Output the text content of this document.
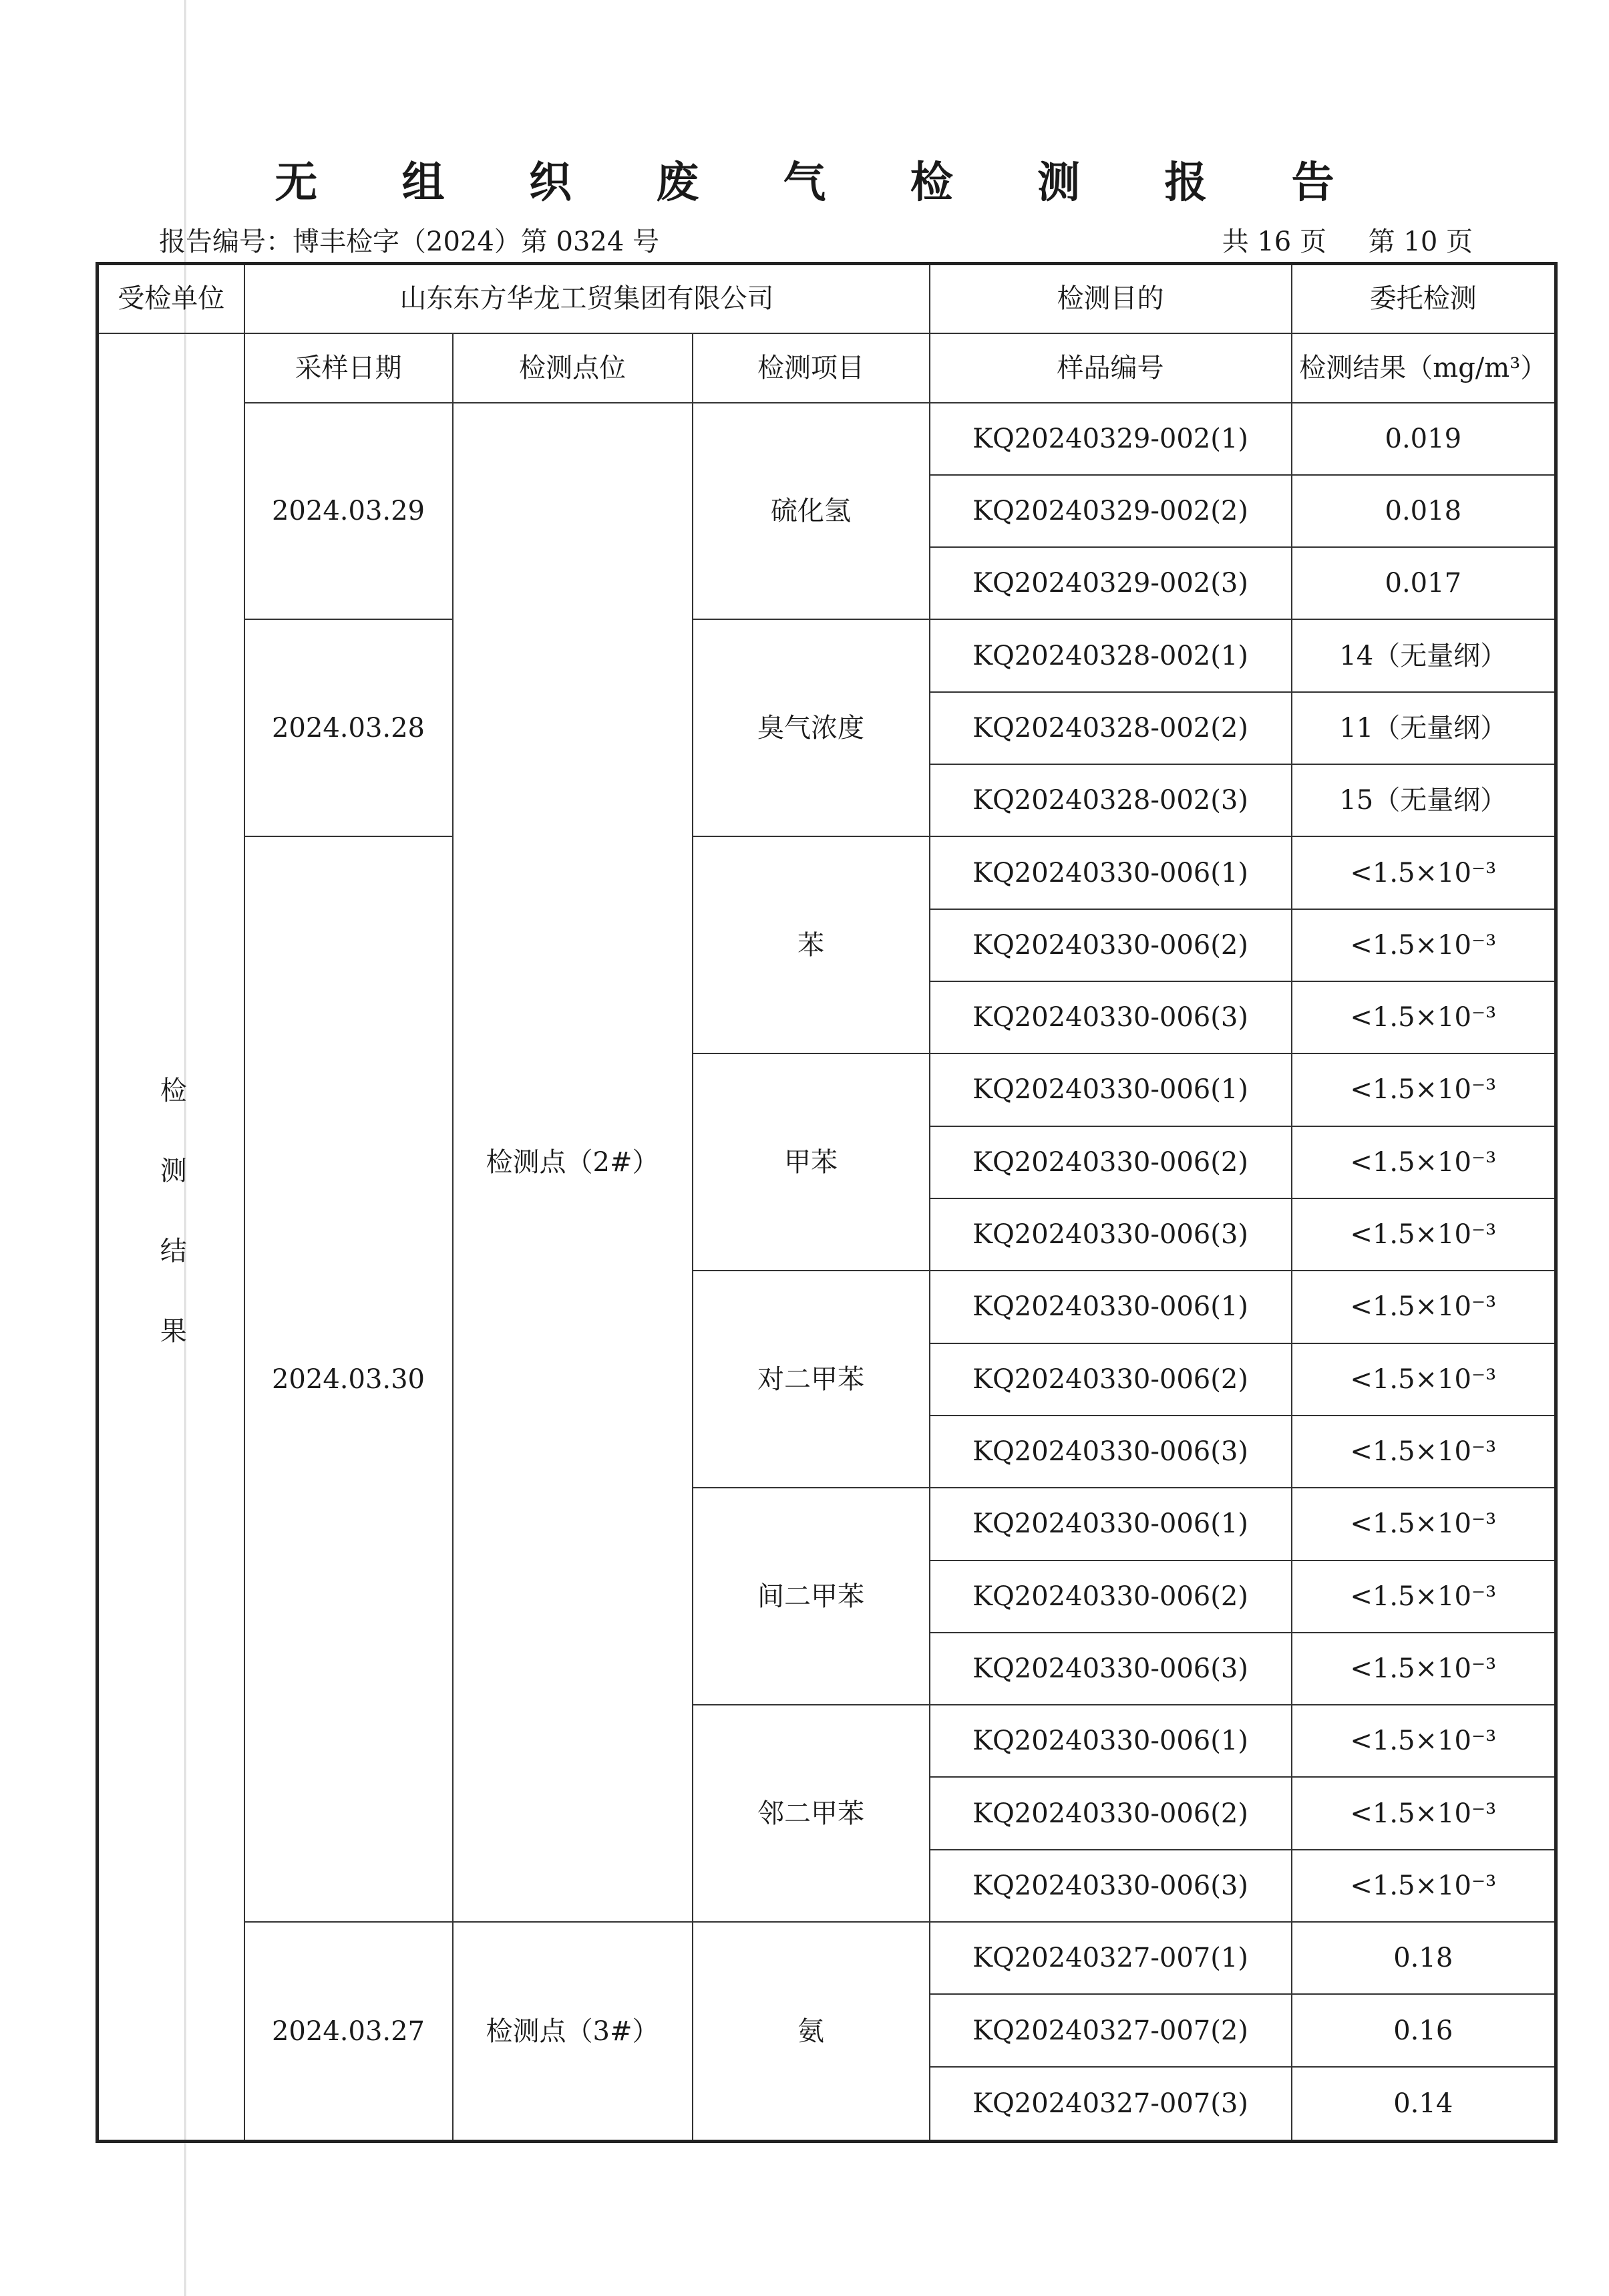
无 组 织 废 气 检 测 报 告
报告编号：博丰检字（2024）第 0324 号	共 16 页 第 10 页
受检单位	山东东方华龙工贸集团有限公司			检测目的	委托检测
检测结果	采样日期	检测点位	检测项目	样品编号	检测结果（mg/m³）
	2024.03.29	检测点（2#）	硫化氢	KQ20240329-002(1)	0.019
				KQ20240329-002(2)	0.018
				KQ20240329-002(3)	0.017
	2024.03.28		臭气浓度	KQ20240328-002(1)	14（无量纲）
				KQ20240328-002(2)	11（无量纲）
				KQ20240328-002(3)	15（无量纲）
	2024.03.30		苯	KQ20240330-006(1)	<1.5×10⁻³
				KQ20240330-006(2)	<1.5×10⁻³
				KQ20240330-006(3)	<1.5×10⁻³
			甲苯	KQ20240330-006(1)	<1.5×10⁻³
				KQ20240330-006(2)	<1.5×10⁻³
				KQ20240330-006(3)	<1.5×10⁻³
			对二甲苯	KQ20240330-006(1)	<1.5×10⁻³
				KQ20240330-006(2)	<1.5×10⁻³
				KQ20240330-006(3)	<1.5×10⁻³
			间二甲苯	KQ20240330-006(1)	<1.5×10⁻³
				KQ20240330-006(2)	<1.5×10⁻³
				KQ20240330-006(3)	<1.5×10⁻³
			邻二甲苯	KQ20240330-006(1)	<1.5×10⁻³
				KQ20240330-006(2)	<1.5×10⁻³
				KQ20240330-006(3)	<1.5×10⁻³
	2024.03.27	检测点（3#）	氨	KQ20240327-007(1)	0.18
				KQ20240327-007(2)	0.16
				KQ20240327-007(3)	0.14
